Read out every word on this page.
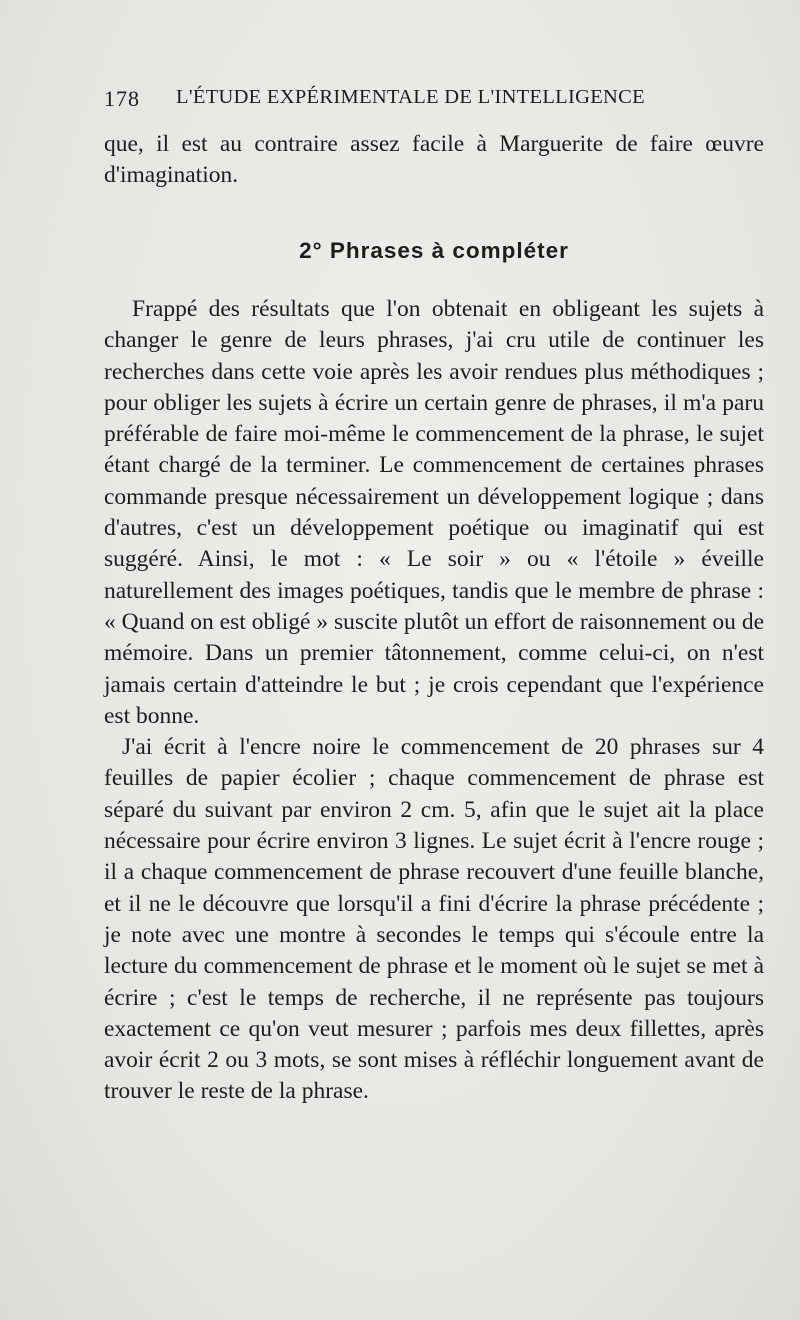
178 L'ÉTUDE EXPÉRIMENTALE DE L'INTELLIGENCE

que, il est au contraire assez facile à Marguerite de faire œuvre d'imagination.

2° Phrases à compléter

Frappé des résultats que l'on obtenait en obligeant les sujets à changer le genre de leurs phrases, j'ai cru utile de continuer les recherches dans cette voie après les avoir rendues plus méthodiques ; pour obliger les sujets à écrire un certain genre de phrases, il m'a paru préférable de faire moi-même le commencement de la phrase, le sujet étant chargé de la terminer. Le commencement de certaines phrases commande presque nécessairement un développement logique ; dans d'autres, c'est un développement poétique ou imaginatif qui est suggéré. Ainsi, le mot : « Le soir » ou « l'étoile » éveille naturellement des images poétiques, tandis que le membre de phrase : « Quand on est obligé » suscite plutôt un effort de raisonnement ou de mémoire. Dans un premier tâtonnement, comme celui-ci, on n'est jamais certain d'atteindre le but ; je crois cependant que l'expérience est bonne.

J'ai écrit à l'encre noire le commencement de 20 phrases sur 4 feuilles de papier écolier ; chaque commencement de phrase est séparé du suivant par environ 2 cm. 5, afin que le sujet ait la place nécessaire pour écrire environ 3 lignes. Le sujet écrit à l'encre rouge ; il a chaque commencement de phrase recouvert d'une feuille blanche, et il ne le découvre que lorsqu'il a fini d'écrire la phrase précédente ; je note avec une montre à secondes le temps qui s'écoule entre la lecture du commencement de phrase et le moment où le sujet se met à écrire ; c'est le temps de recherche, il ne représente pas toujours exactement ce qu'on veut mesurer ; parfois mes deux fillettes, après avoir écrit 2 ou 3 mots, se sont mises à réfléchir longuement avant de trouver le reste de la phrase.
